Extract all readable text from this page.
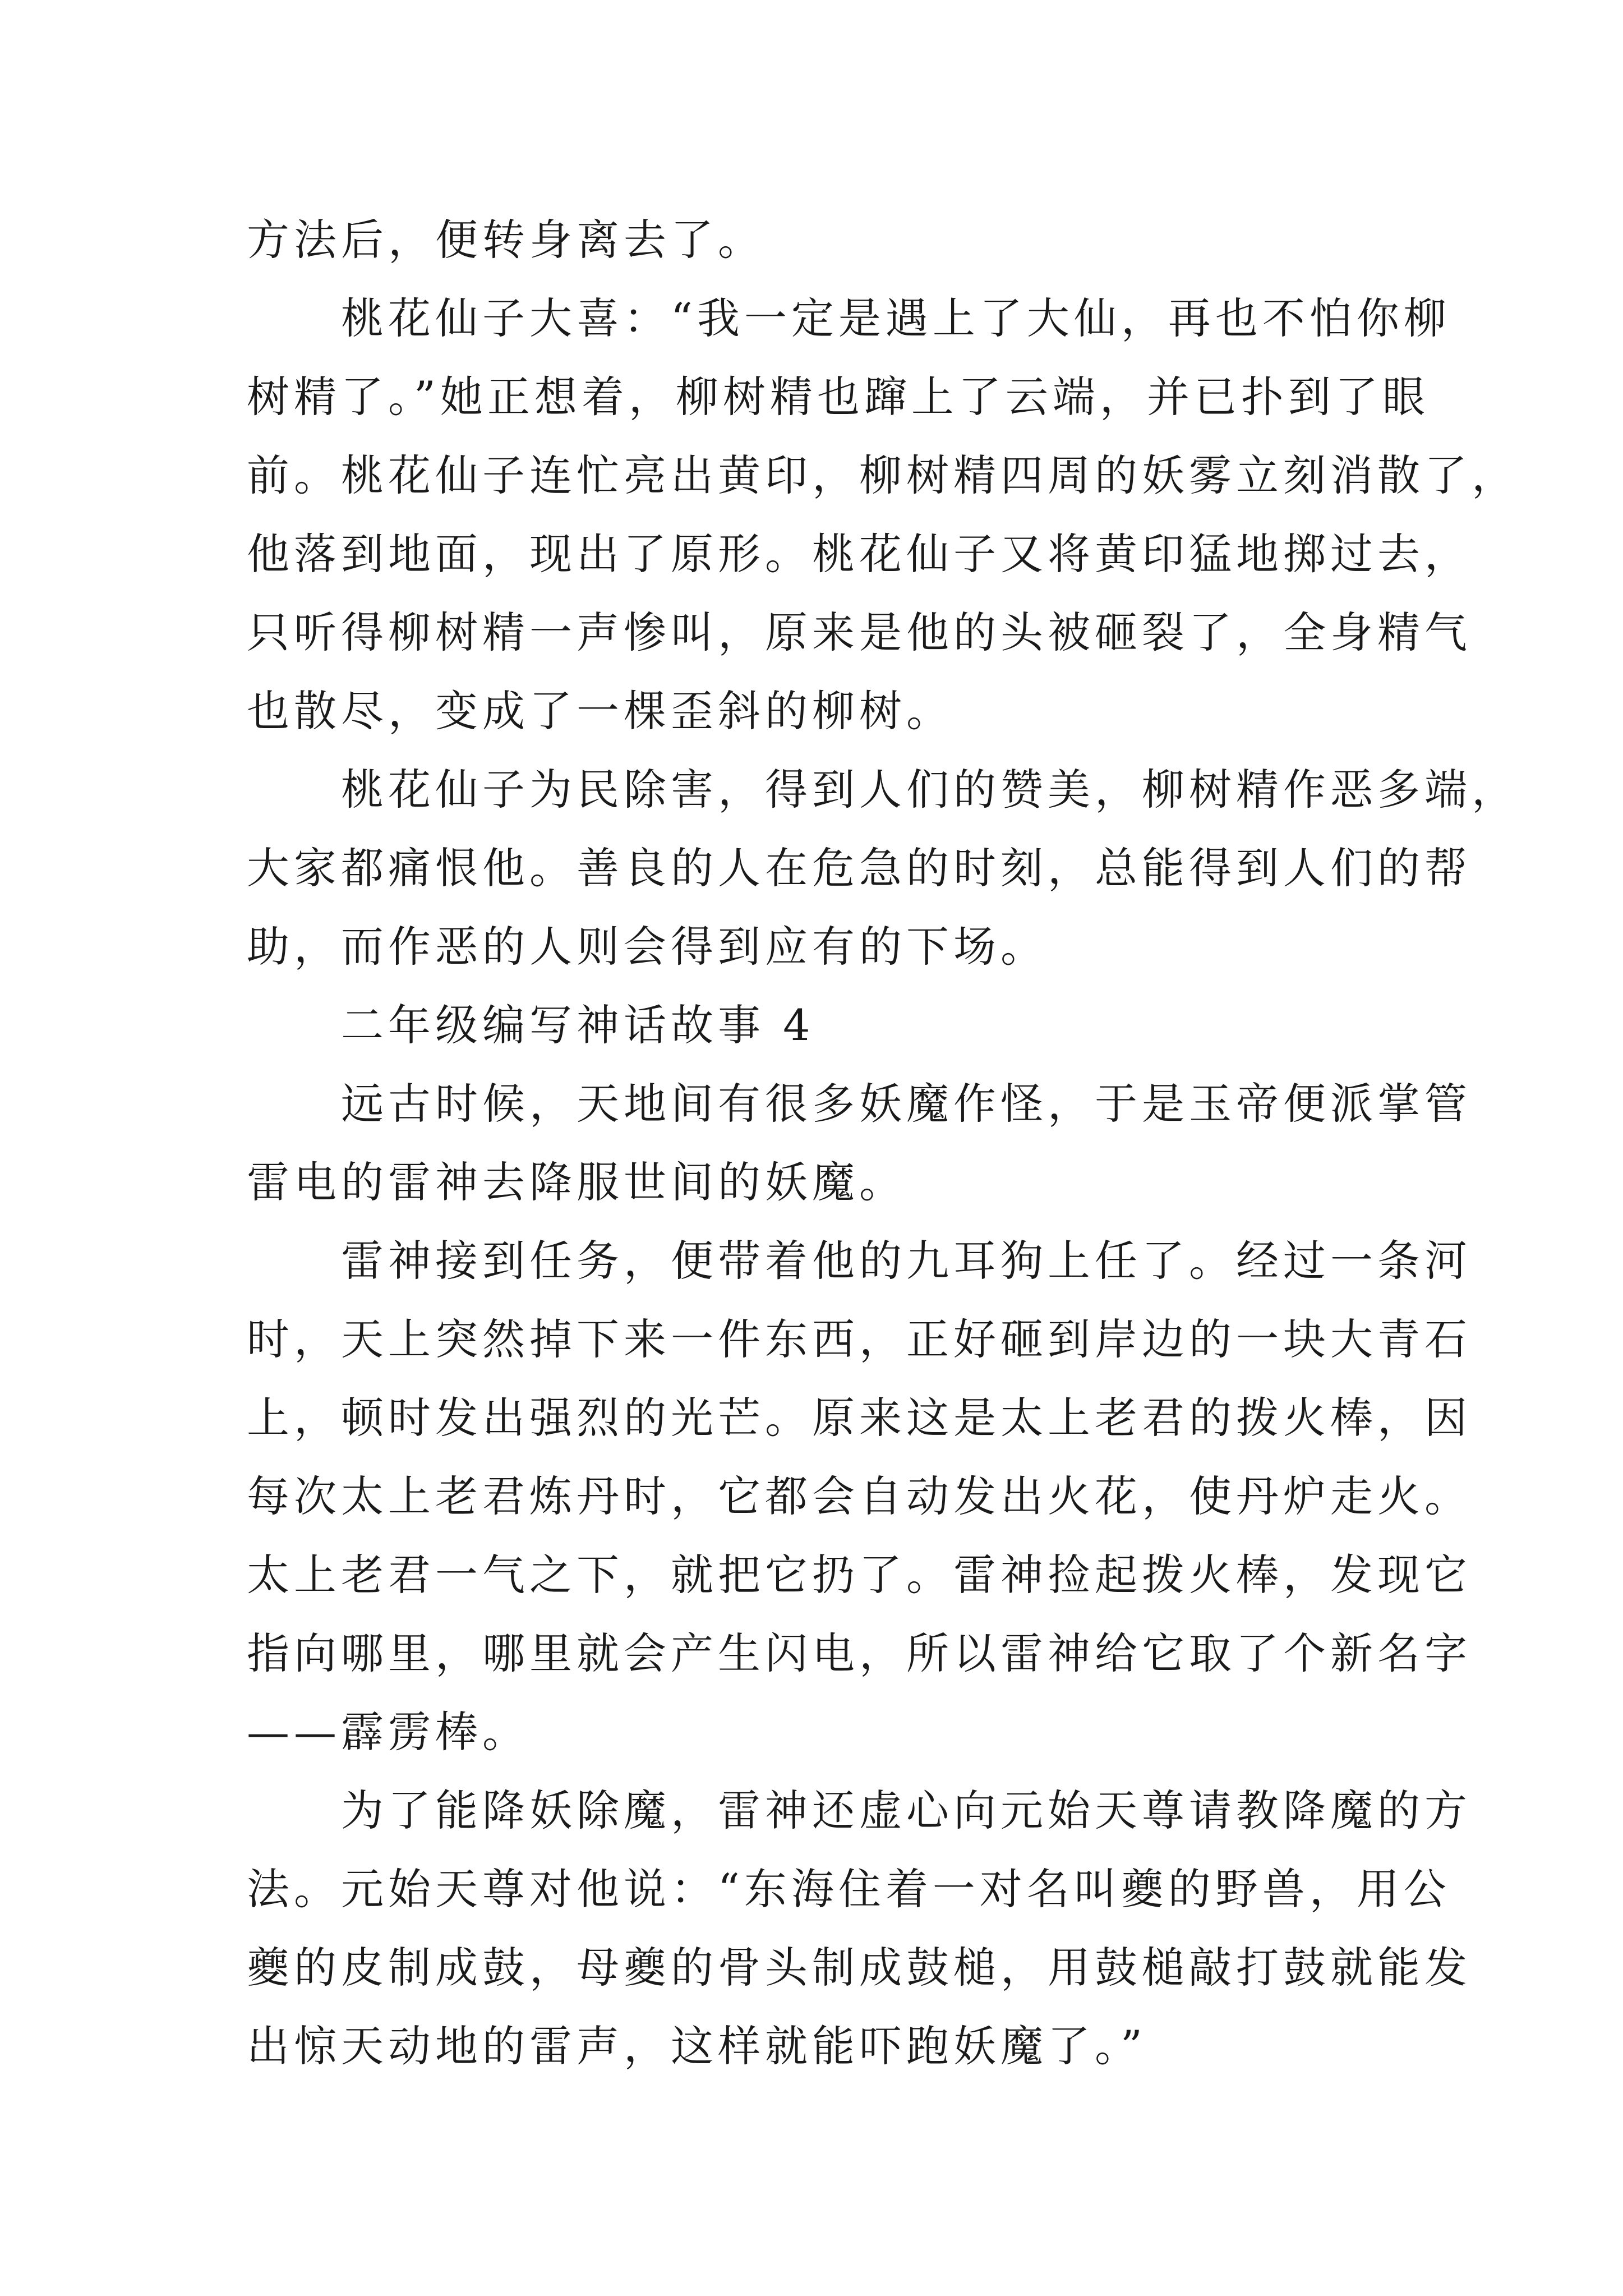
方法后，便转身离去了。
桃花仙子大喜：“我一定是遇上了大仙，再也不怕你柳
树精了。”她正想着，柳树精也蹿上了云端，并已扑到了眼
前。桃花仙子连忙亮出黄印，柳树精四周的妖雾立刻消散了，
他落到地面，现出了原形。桃花仙子又将黄印猛地掷过去，
只听得柳树精一声惨叫，原来是他的头被砸裂了，全身精气
也散尽，变成了一棵歪斜的柳树。
桃花仙子为民除害，得到人们的赞美，柳树精作恶多端，
大家都痛恨他。善良的人在危急的时刻，总能得到人们的帮
助，而作恶的人则会得到应有的下场。
二年级编写神话故事 4
远古时候，天地间有很多妖魔作怪，于是玉帝便派掌管
雷电的雷神去降服世间的妖魔。
雷神接到任务，便带着他的九耳狗上任了。经过一条河
时，天上突然掉下来一件东西，正好砸到岸边的一块大青石
上，顿时发出强烈的光芒。原来这是太上老君的拨火棒，因
每次太上老君炼丹时，它都会自动发出火花，使丹炉走火。
太上老君一气之下，就把它扔了。雷神捡起拨火棒，发现它
指向哪里，哪里就会产生闪电，所以雷神给它取了个新名字
——霹雳棒。
为了能降妖除魔，雷神还虚心向元始天尊请教降魔的方
法。元始天尊对他说：“东海住着一对名叫夔的野兽，用公
夔的皮制成鼓，母夔的骨头制成鼓槌，用鼓槌敲打鼓就能发
出惊天动地的雷声，这样就能吓跑妖魔了。”
